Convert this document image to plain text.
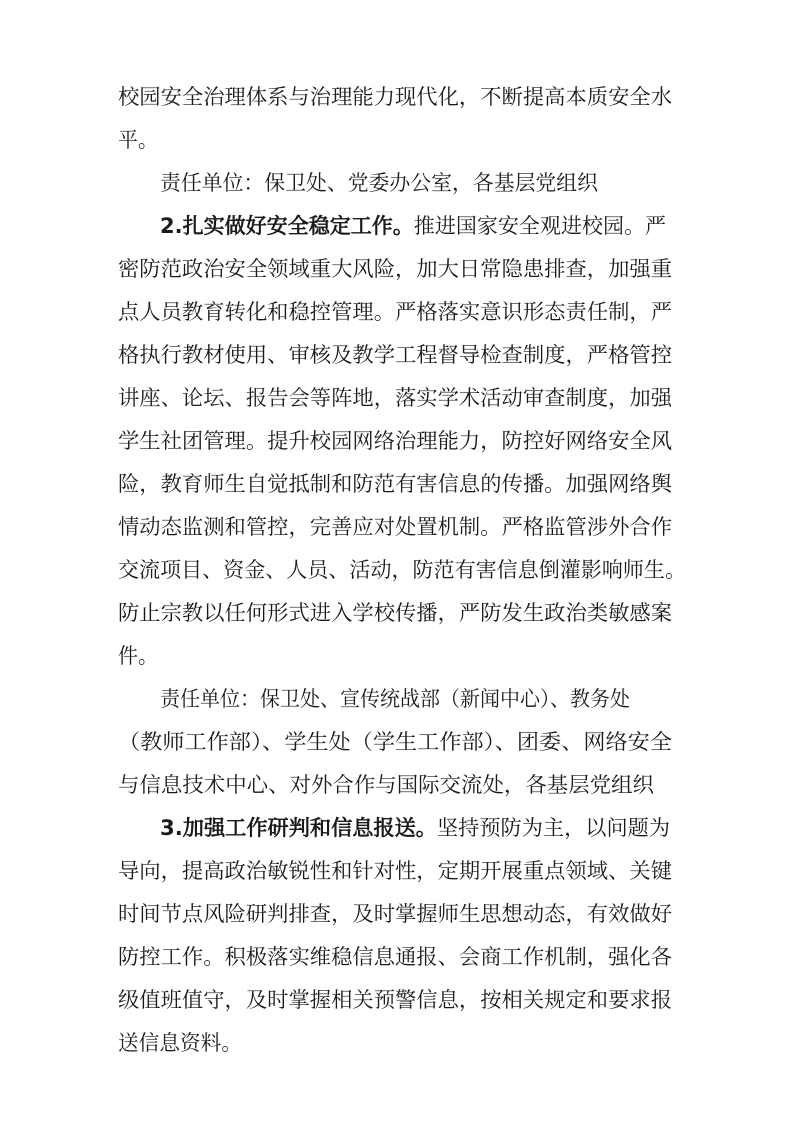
校园安全治理体系与治理能力现代化，不断提高本质安全水
平。
责任单位：保卫处、党委办公室，各基层党组织
2.扎实做好安全稳定工作。推进国家安全观进校园。严
密防范政治安全领域重大风险，加大日常隐患排查，加强重
点人员教育转化和稳控管理。严格落实意识形态责任制，严
格执行教材使用、审核及教学工程督导检查制度，严格管控
讲座、论坛、报告会等阵地，落实学术活动审查制度，加强
学生社团管理。提升校园网络治理能力，防控好网络安全风
险，教育师生自觉抵制和防范有害信息的传播。加强网络舆
情动态监测和管控，完善应对处置机制。严格监管涉外合作
交流项目、资金、人员、活动，防范有害信息倒灌影响师生。
防止宗教以任何形式进入学校传播，严防发生政治类敏感案
件。
责任单位：保卫处、宣传统战部（新闻中心）、教务处
（教师工作部）、学生处（学生工作部）、团委、网络安全
与信息技术中心、对外合作与国际交流处，各基层党组织
3.加强工作研判和信息报送。坚持预防为主，以问题为
导向，提高政治敏锐性和针对性，定期开展重点领域、关键
时间节点风险研判排查，及时掌握师生思想动态，有效做好
防控工作。积极落实维稳信息通报、会商工作机制，强化各
级值班值守，及时掌握相关预警信息，按相关规定和要求报
送信息资料。
